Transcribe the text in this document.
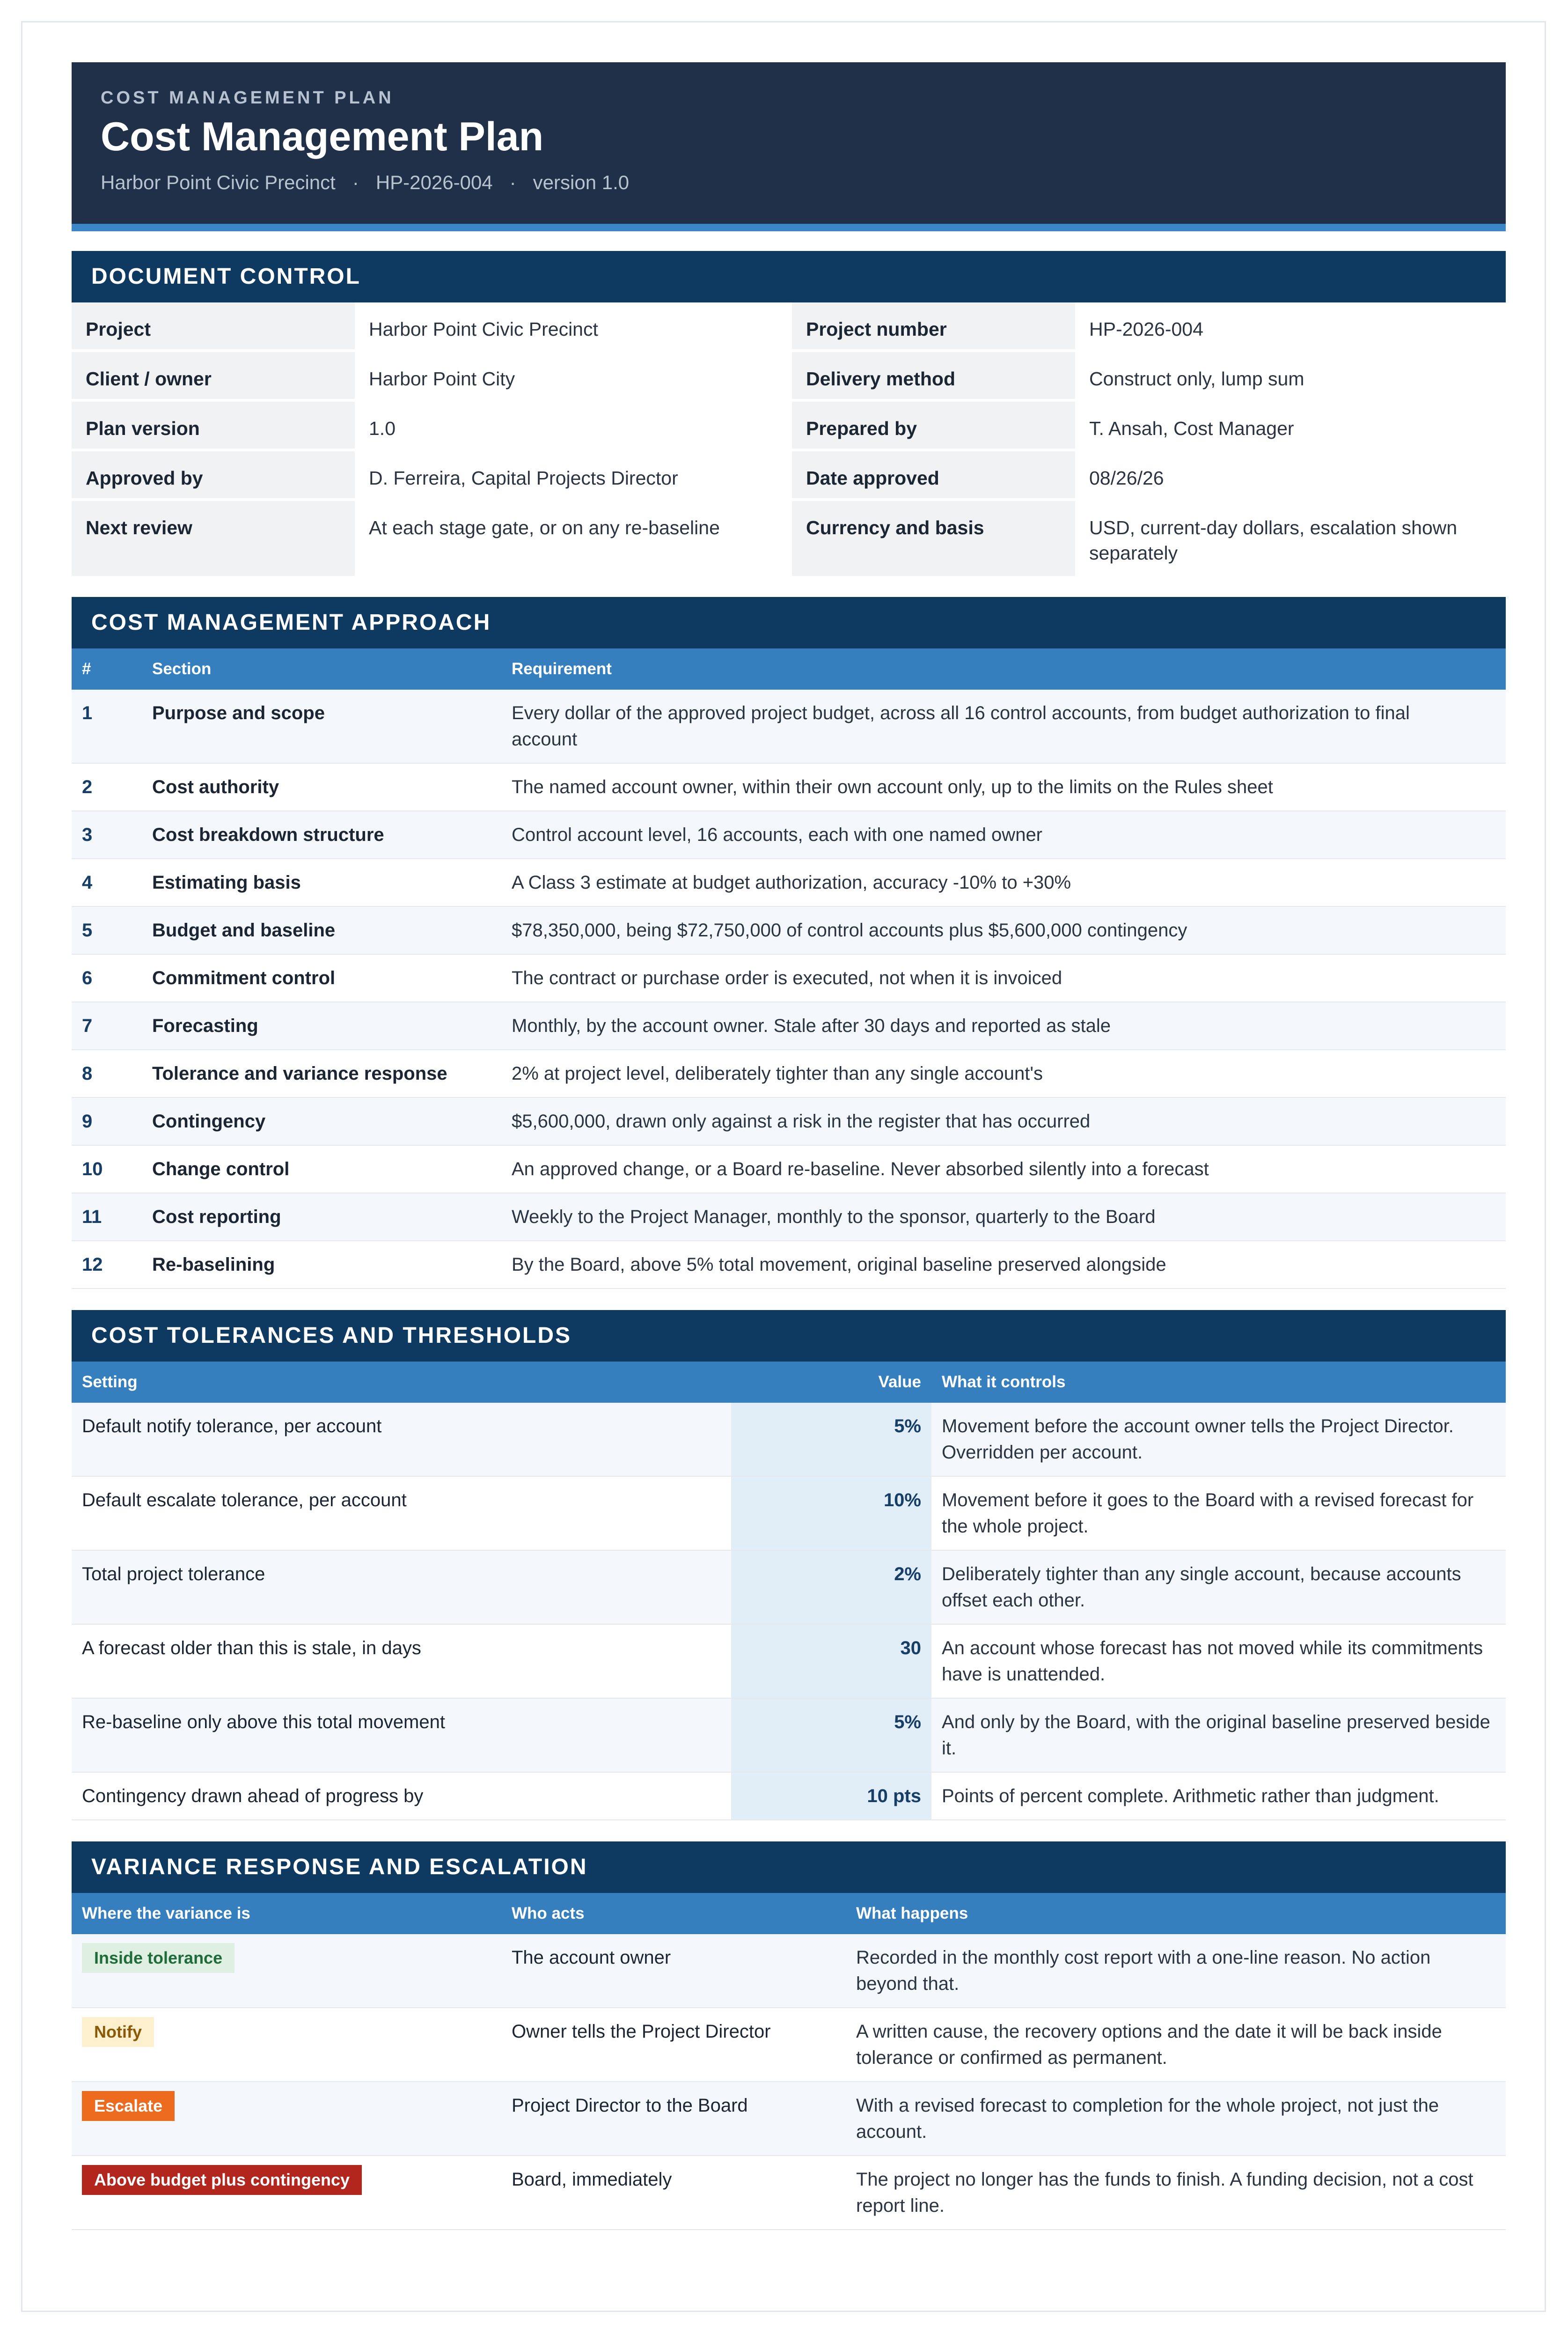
COST MANAGEMENT PLAN
Cost Management Plan
Harbor Point Civic Precinct · HP-2026-004 · version 1.0
DOCUMENT CONTROL
Project	Harbor Point Civic Precinct	Project number	HP-2026-004
Client / owner	Harbor Point City	Delivery method	Construct only, lump sum
Plan version	1.0	Prepared by	T. Ansah, Cost Manager
Approved by	D. Ferreira, Capital Projects Director	Date approved	08/26/26
Next review	At each stage gate, or on any re-baseline	Currency and basis	USD, current-day dollars, escalation shown separately
COST MANAGEMENT APPROACH
#	Section	Requirement
1	Purpose and scope	Every dollar of the approved project budget, across all 16 control accounts, from budget authorization to final account
2	Cost authority	The named account owner, within their own account only, up to the limits on the Rules sheet
3	Cost breakdown structure	Control account level, 16 accounts, each with one named owner
4	Estimating basis	A Class 3 estimate at budget authorization, accuracy -10% to +30%
5	Budget and baseline	$78,350,000, being $72,750,000 of control accounts plus $5,600,000 contingency
6	Commitment control	The contract or purchase order is executed, not when it is invoiced
7	Forecasting	Monthly, by the account owner. Stale after 30 days and reported as stale
8	Tolerance and variance response	2% at project level, deliberately tighter than any single account's
9	Contingency	$5,600,000, drawn only against a risk in the register that has occurred
10	Change control	An approved change, or a Board re-baseline. Never absorbed silently into a forecast
11	Cost reporting	Weekly to the Project Manager, monthly to the sponsor, quarterly to the Board
12	Re-baselining	By the Board, above 5% total movement, original baseline preserved alongside
COST TOLERANCES AND THRESHOLDS
Setting	Value	What it controls
Default notify tolerance, per account	5%	Movement before the account owner tells the Project Director. Overridden per account.
Default escalate tolerance, per account	10%	Movement before it goes to the Board with a revised forecast for the whole project.
Total project tolerance	2%	Deliberately tighter than any single account, because accounts offset each other.
A forecast older than this is stale, in days	30	An account whose forecast has not moved while its commitments have is unattended.
Re-baseline only above this total movement	5%	And only by the Board, with the original baseline preserved beside it.
Contingency drawn ahead of progress by	10 pts	Points of percent complete. Arithmetic rather than judgment.
VARIANCE RESPONSE AND ESCALATION
Where the variance is	Who acts	What happens
Inside tolerance	The account owner	Recorded in the monthly cost report with a one-line reason. No action beyond that.
Notify	Owner tells the Project Director	A written cause, the recovery options and the date it will be back inside tolerance or confirmed as permanent.
Escalate	Project Director to the Board	With a revised forecast to completion for the whole project, not just the account.
Above budget plus contingency	Board, immediately	The project no longer has the funds to finish. A funding decision, not a cost report line.
